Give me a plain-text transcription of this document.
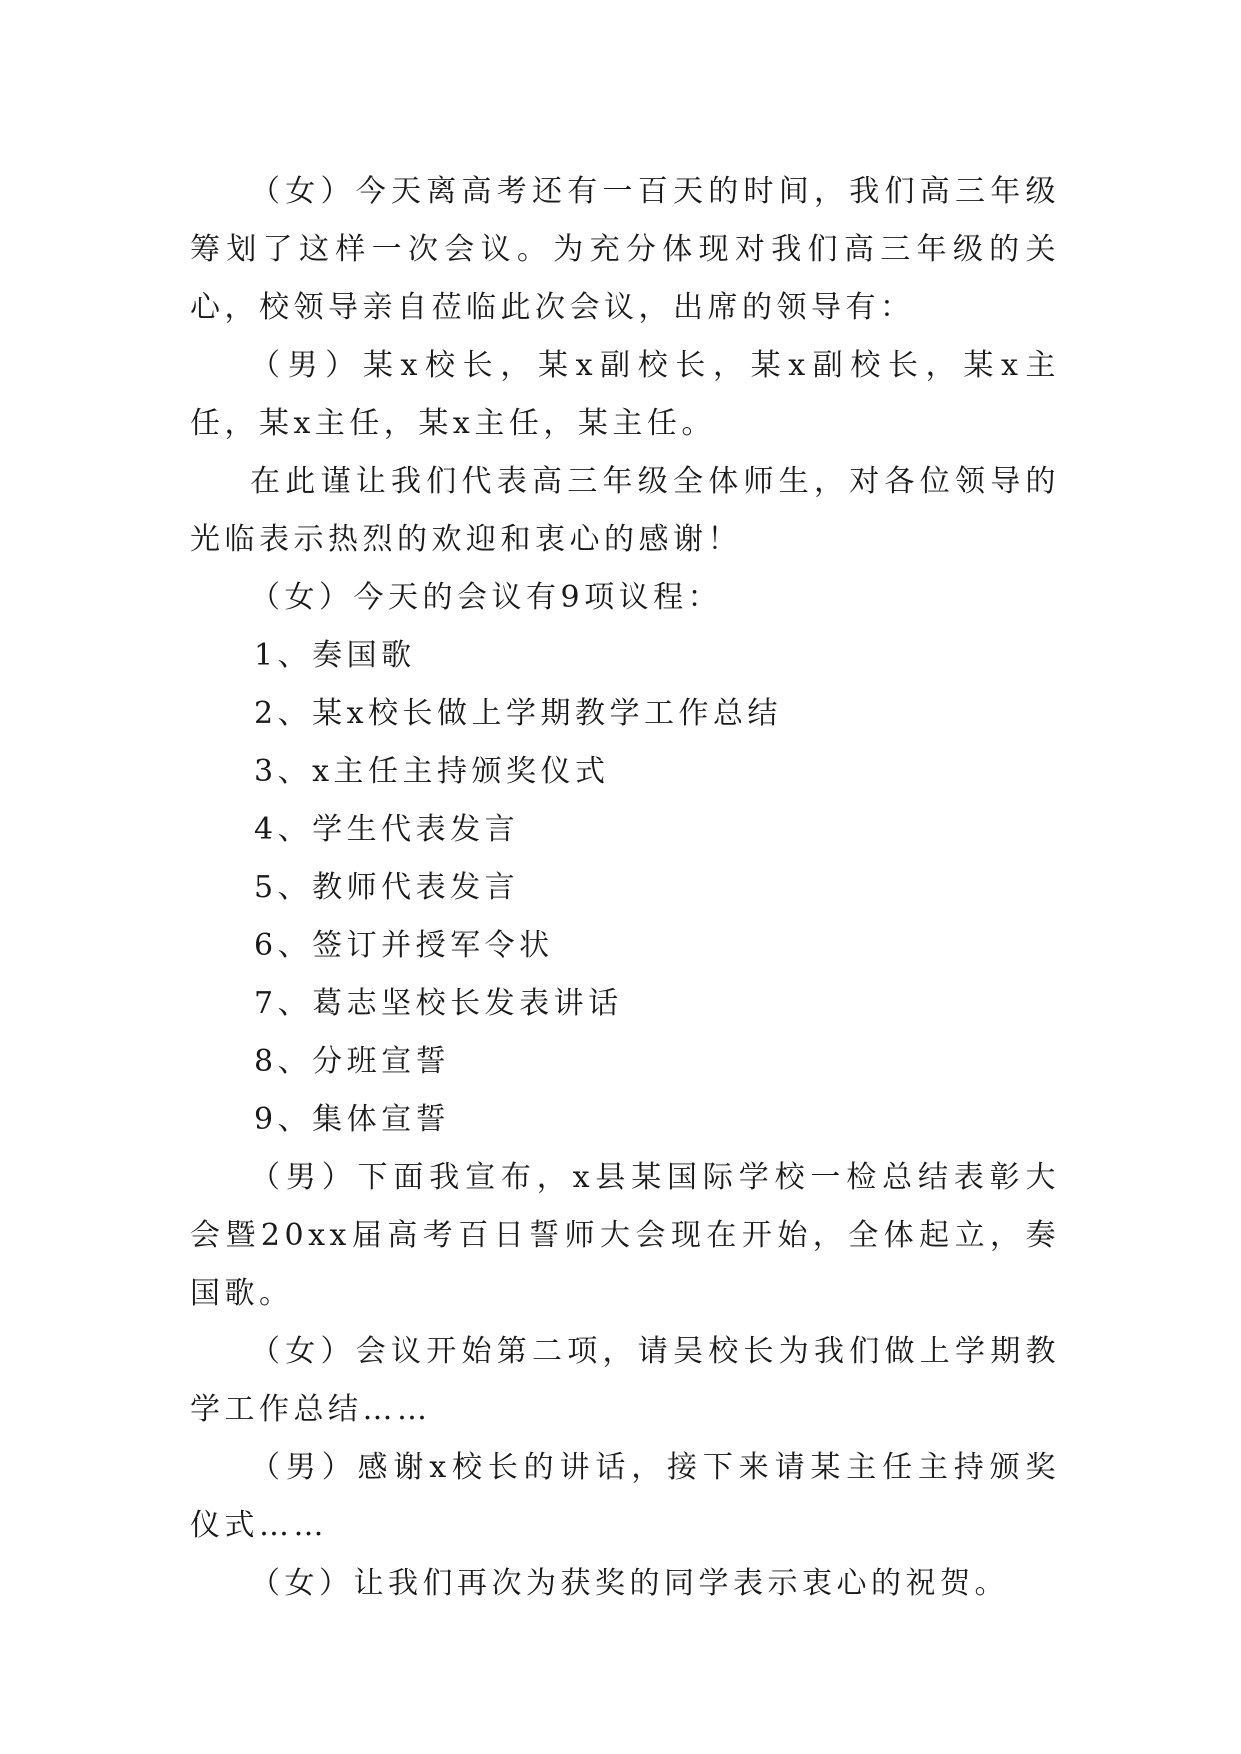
（女）今天离高考还有一百天的时间，我们高三年级筹划了这样一次会议。为充分体现对我们高三年级的关心，校领导亲自莅临此次会议，出席的领导有：

（男）某x校长，某x副校长，某x副校长，某x主任，某x主任，某x主任，某主任。

在此谨让我们代表高三年级全体师生，对各位领导的光临表示热烈的欢迎和衷心的感谢！

（女）今天的会议有9项议程：

1、奏国歌

2、某x校长做上学期教学工作总结

3、x主任主持颁奖仪式

4、学生代表发言

5、教师代表发言

6、签订并授军令状

7、葛志坚校长发表讲话

8、分班宣誓

9、集体宣誓

（男）下面我宣布，x县某国际学校一检总结表彰大会暨20xx届高考百日誓师大会现在开始，全体起立，奏国歌。

（女）会议开始第二项，请吴校长为我们做上学期教学工作总结……

（男）感谢x校长的讲话，接下来请某主任主持颁奖仪式……

（女）让我们再次为获奖的同学表示衷心的祝贺。
